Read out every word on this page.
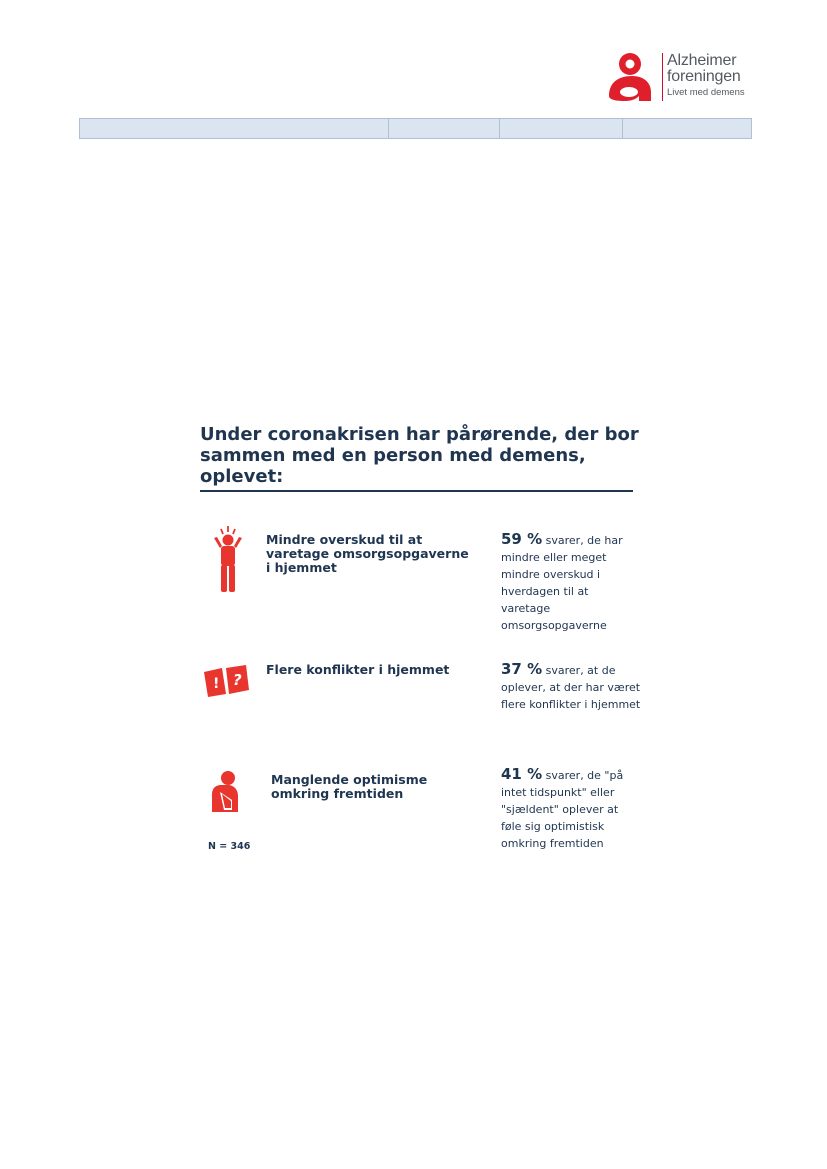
Alzheimer
foreningen
Livet med demens
Under coronakrisen har pårørende, der bor sammen med en person med demens, oplevet:
Mindre overskud til at varetage omsorgsopgaverne i hjemmet
59 % svarer, de har mindre eller meget mindre overskud i hverdagen til at varetage omsorgsopgaverne
! ?
Flere konflikter i hjemmet	37 % svarer, at de oplever, at der har været flere konflikter i hjemmet
Manglende optimisme omkring fremtiden
41 % svarer, de "på intet tidspunkt" eller "sjældent" oplever at føle sig optimistisk omkring fremtiden
N = 346
